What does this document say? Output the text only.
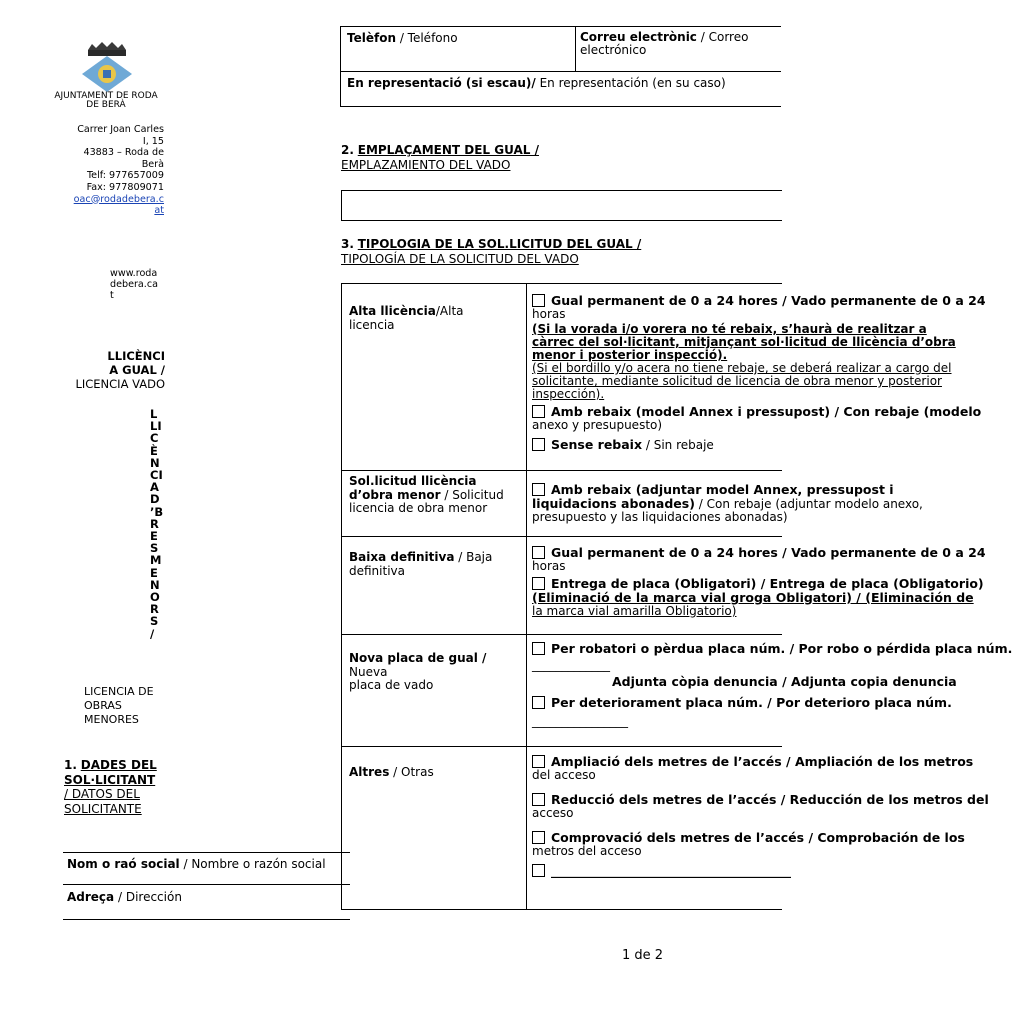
AJUNTAMENT DE RODA DE BERÀ
Carrer Joan Carles
I, 15
43883 – Roda de
Berà
Telf: 977657009
Fax: 977809071
oac@rodadebera.c
at
www.roda
debera.ca
t
LLICÈNCI
A GUAL /
LICENCIA VADO
L
LI
C
È
N
CI
A
D
’B
R
E
S
M
E
N
O
R
S
/
LICENCIA DE
OBRAS
MENORES
1. DADES DEL
SOL·LICITANT
/ DATOS DEL
SOLICITANTE
Nom o raó social / Nombre o razón social
Adreça / Dirección
Telèfon / Teléfono	Correu electrònic / Correo electrónico
En representació (si escau)/ En representación (en su caso)
2. EMPLAÇAMENT DEL GUAL /
EMPLAZAMIENTO DEL VADO
3. TIPOLOGIA DE LA SOL.LICITUD DEL GUAL /
TIPOLOGÍA DE LA SOLICITUD DEL VADO
Alta llicència/Alta
licencia
Gual permanent de 0 a 24 hores / Vado permanente de 0 a 24
horas
(Si la vorada i/o vorera no té rebaix, s’haurà de realitzar a
càrrec del sol·licitant, mitjançant sol·licitud de llicència d’obra
menor i posterior inspecció).
(Si el bordillo y/o acera no tiene rebaje, se deberá realizar a cargo del
solicitante, mediante solicitud de licencia de obra menor y posterior
inspección).
Amb rebaix (model Annex i pressupost) / Con rebaje (modelo
anexo y presupuesto)
Sense rebaix / Sin rebaje
Sol.licitud llicència
d’obra menor / Solicitud
licencia de obra menor
Amb rebaix (adjuntar model Annex, pressupost i
liquidacions abonades) / Con rebaje (adjuntar modelo anexo,
presupuesto y las liquidaciones abonadas)
Baixa definitiva / Baja
definitiva
Gual permanent de 0 a 24 hores / Vado permanente de 0 a 24
horas
Entrega de placa (Obligatori) / Entrega de placa (Obligatorio)
(Eliminació de la marca vial groga Obligatori) / (Eliminación de
la marca vial amarilla Obligatorio)
Nova placa de gual /
Nueva
placa de vado
Per robatori o pèrdua placa núm. / Por robo o pérdida placa núm.
_____________
Adjunta còpia denuncia / Adjunta copia denuncia
Per deteriorament placa núm. / Por deterioro placa núm.
________________
Altres / Otras
Ampliació dels metres de l’accés / Ampliación de los metros
del acceso
Reducció dels metres de l’accés / Reducción de los metros del
acceso
Comprovació dels metres de l’accés / Comprobación de los
metros del acceso
________________________________________
1 de 2
